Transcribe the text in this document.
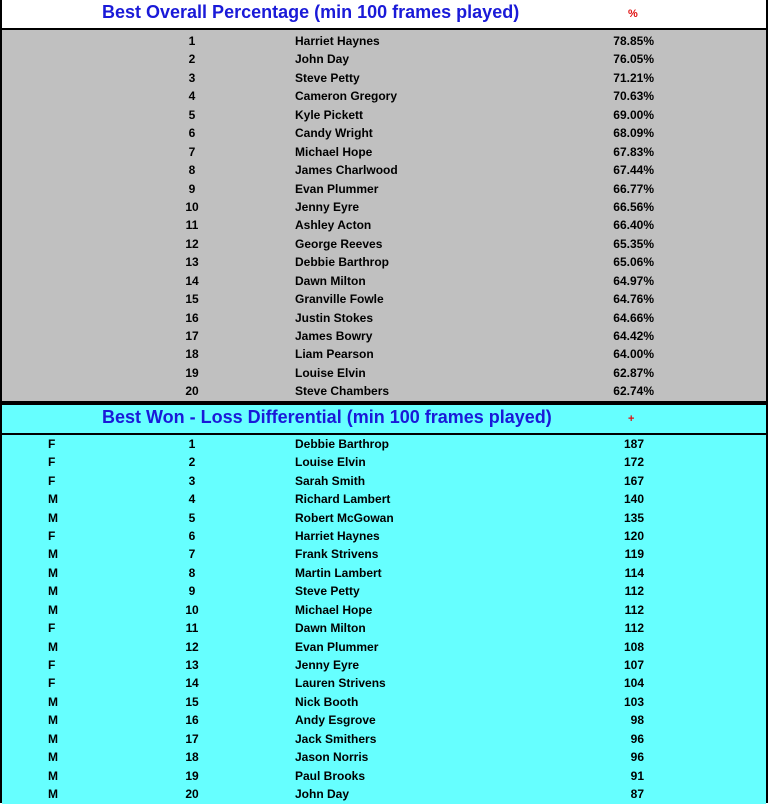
Best Overall Percentage (min 100 frames played)	%
1	Harriet Haynes	78.85%
2	John Day	76.05%
3	Steve Petty	71.21%
4	Cameron Gregory	70.63%
5	Kyle Pickett	69.00%
6	Candy Wright	68.09%
7	Michael Hope	67.83%
8	James Charlwood	67.44%
9	Evan Plummer	66.77%
10	Jenny Eyre	66.56%
11	Ashley Acton	66.40%
12	George Reeves	65.35%
13	Debbie Barthrop	65.06%
14	Dawn Milton	64.97%
15	Granville Fowle	64.76%
16	Justin Stokes	64.66%
17	James Bowry	64.42%
18	Liam Pearson	64.00%
19	Louise Elvin	62.87%
20	Steve Chambers	62.74%
Best Won - Loss Differential (min 100 frames played)	+
F	1	Debbie Barthrop	187
F	2	Louise Elvin	172
F	3	Sarah Smith	167
M	4	Richard Lambert	140
M	5	Robert McGowan	135
F	6	Harriet Haynes	120
M	7	Frank Strivens	119
M	8	Martin Lambert	114
M	9	Steve Petty	112
M	10	Michael Hope	112
F	11	Dawn Milton	112
M	12	Evan Plummer	108
F	13	Jenny Eyre	107
F	14	Lauren Strivens	104
M	15	Nick Booth	103
M	16	Andy Esgrove	98
M	17	Jack Smithers	96
M	18	Jason Norris	96
M	19	Paul Brooks	91
M	20	John Day	87
